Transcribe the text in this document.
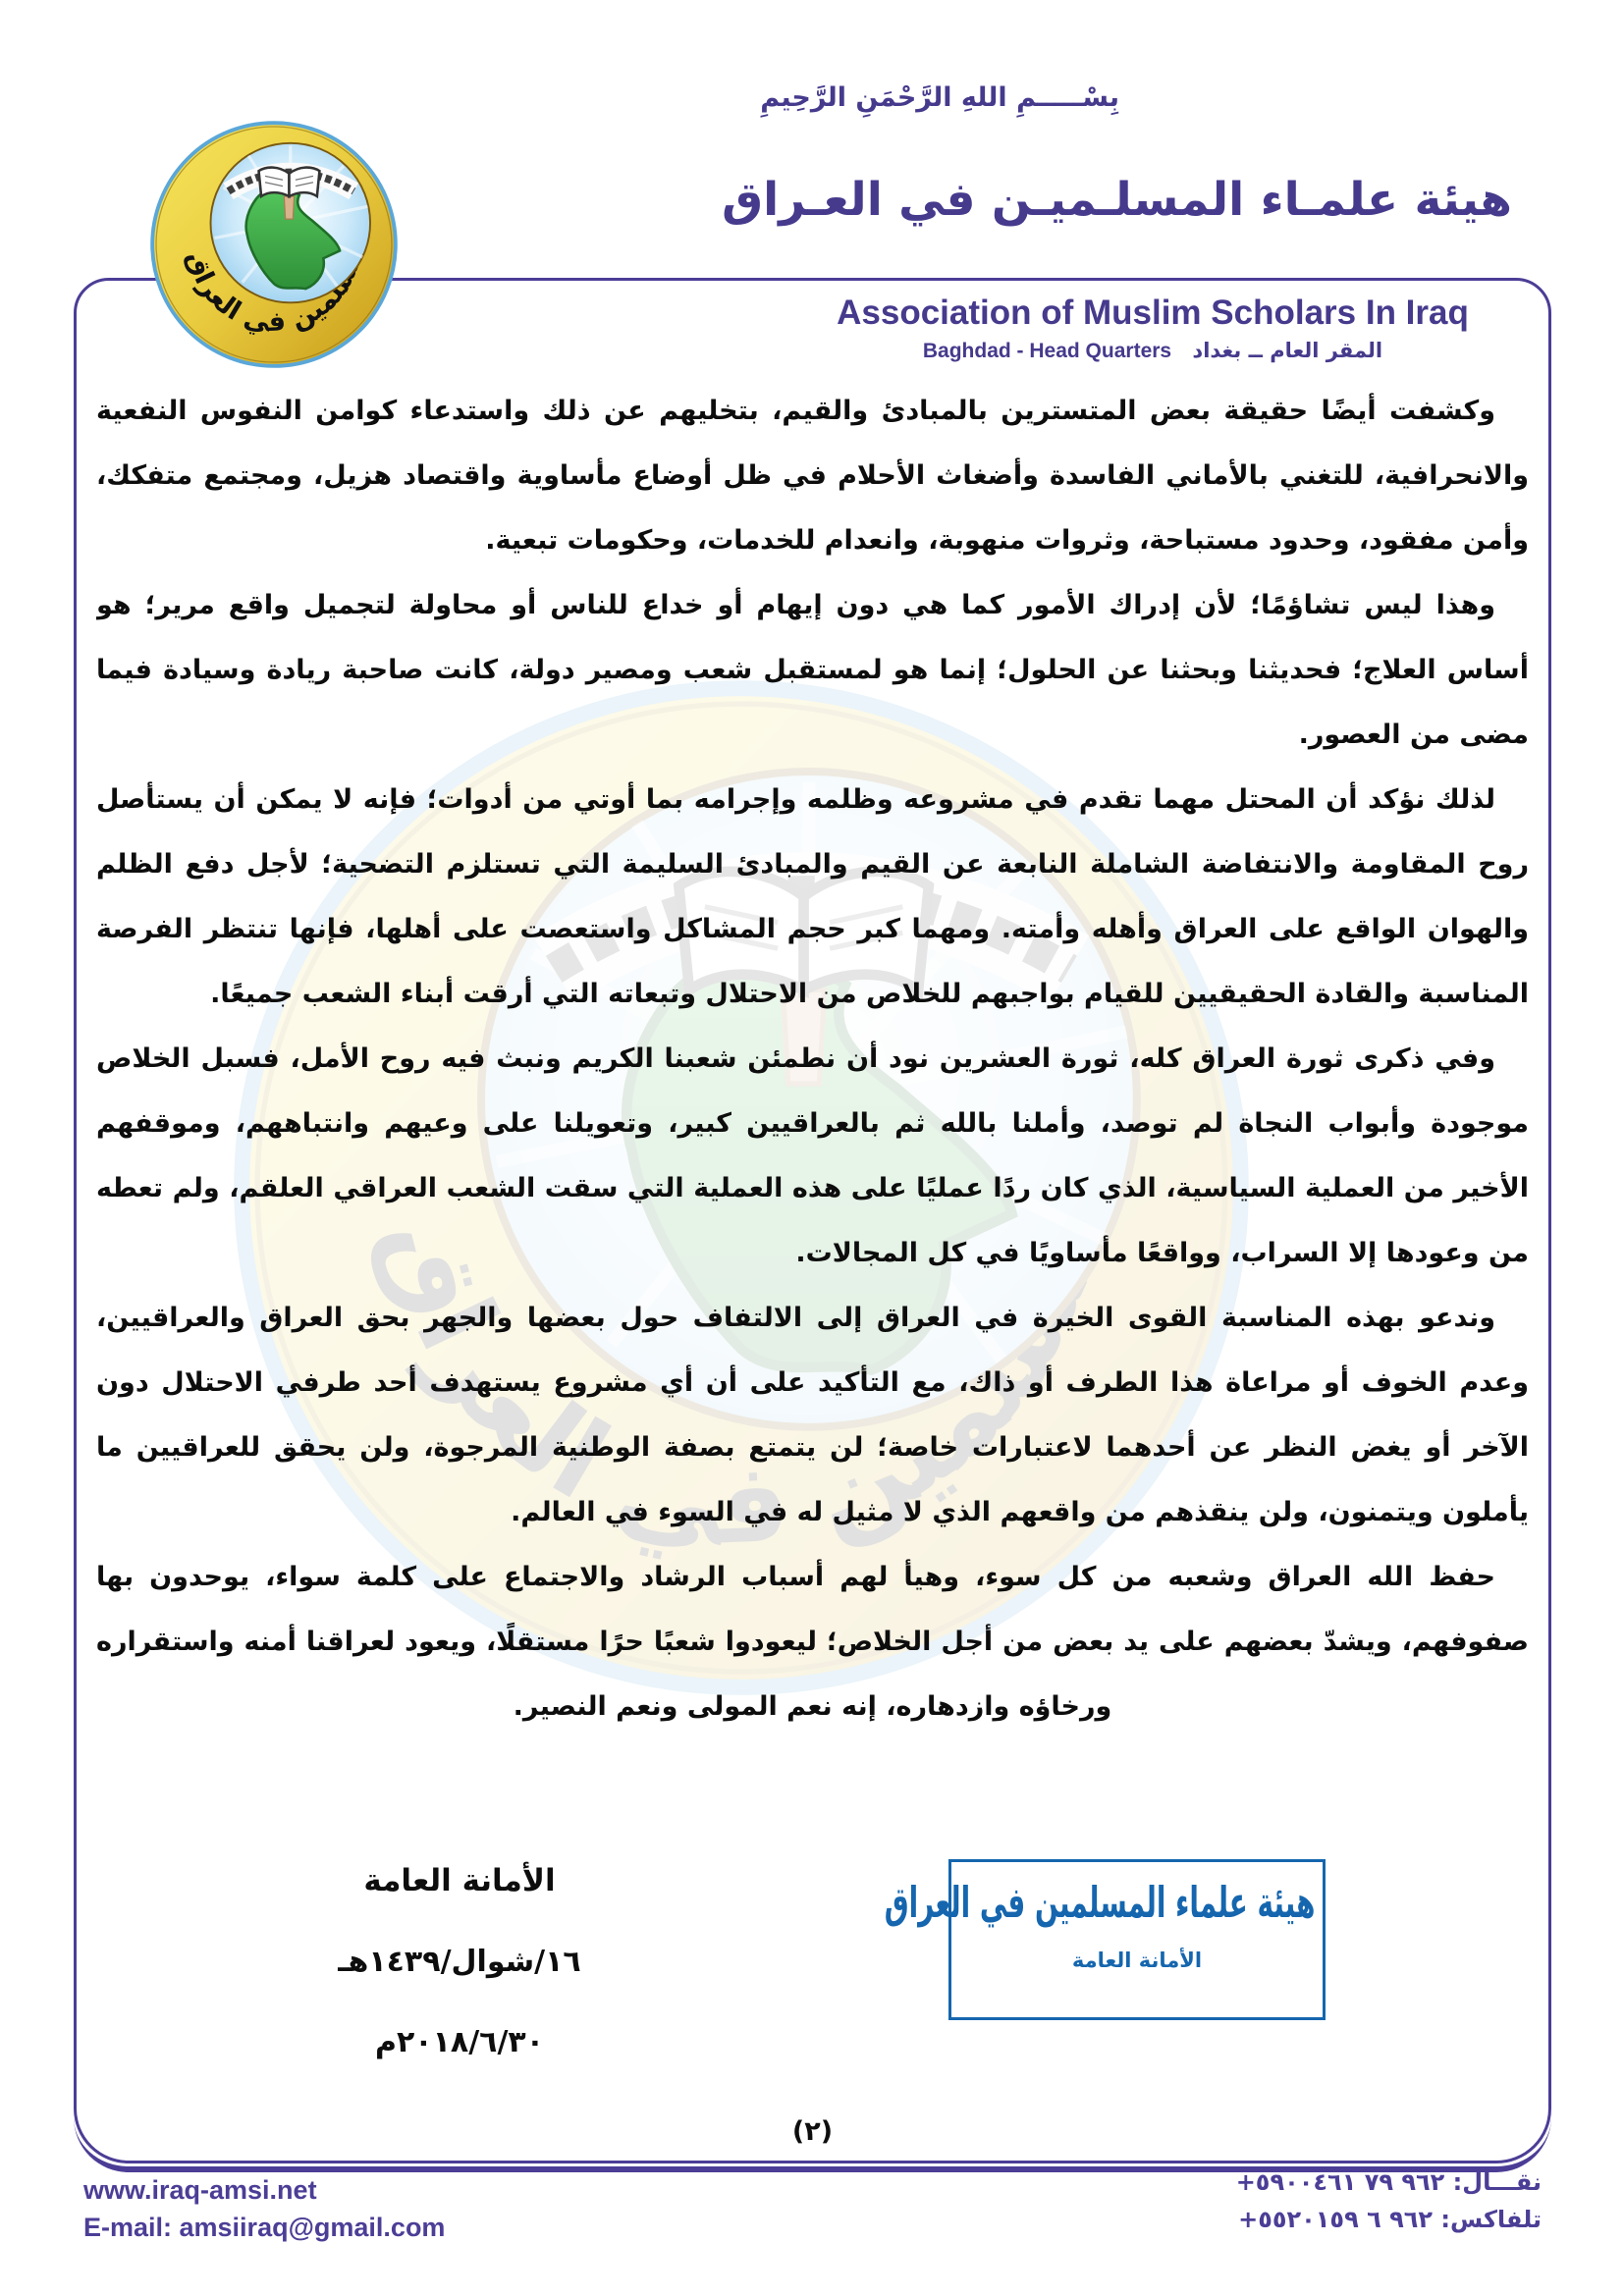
بِسْـــــمِ اللهِ الرَّحْمَنِ الرَّحِيمِ
هيئة علمـاء المسلـميـن في العـراق
Association of Muslim Scholars In Iraq
المقر العام ــ بغداد Baghdad - Head Quarters

وكشفت أيضًا حقيقة بعض المتسترين بالمبادئ والقيم، بتخليهم عن ذلك واستدعاء كوامن النفوس النفعية والانحرافية، للتغني بالأماني الفاسدة وأضغاث الأحلام في ظل أوضاع مأساوية واقتصاد هزيل، ومجتمع متفكك، وأمن مفقود، وحدود مستباحة، وثروات منهوبة، وانعدام للخدمات، وحكومات تبعية.

وهذا ليس تشاؤمًا؛ لأن إدراك الأمور كما هي دون إيهام أو خداع للناس أو محاولة لتجميل واقع مرير؛ هو أساس العلاج؛ فحديثنا وبحثنا عن الحلول؛ إنما هو لمستقبل شعب ومصير دولة، كانت صاحبة ريادة وسيادة فيما مضى من العصور.

لذلك نؤكد أن المحتل مهما تقدم في مشروعه وظلمه وإجرامه بما أوتي من أدوات؛ فإنه لا يمكن أن يستأصل روح المقاومة والانتفاضة الشاملة النابعة عن القيم والمبادئ السليمة التي تستلزم التضحية؛ لأجل دفع الظلم والهوان الواقع على العراق وأهله وأمته. ومهما كبر حجم المشاكل واستعصت على أهلها، فإنها تنتظر الفرصة المناسبة والقادة الحقيقيين للقيام بواجبهم للخلاص من الاحتلال وتبعاته التي أرقت أبناء الشعب جميعًا.

وفي ذكرى ثورة العراق كله، ثورة العشرين نود أن نطمئن شعبنا الكريم ونبث فيه روح الأمل، فسبل الخلاص موجودة وأبواب النجاة لم توصد، وأملنا بالله ثم بالعراقيين كبير، وتعويلنا على وعيهم وانتباههم، وموقفهم الأخير من العملية السياسية، الذي كان ردًا عمليًا على هذه العملية التي سقت الشعب العراقي العلقم، ولم تعطه من وعودها إلا السراب، وواقعًا مأساويًا في كل المجالات.

وندعو بهذه المناسبة القوى الخيرة في العراق إلى الالتفاف حول بعضها والجهر بحق العراق والعراقيين، وعدم الخوف أو مراعاة هذا الطرف أو ذاك، مع التأكيد على أن أي مشروع يستهدف أحد طرفي الاحتلال دون الآخر أو يغض النظر عن أحدهما لاعتبارات خاصة؛ لن يتمتع بصفة الوطنية المرجوة، ولن يحقق للعراقيين ما يأملون ويتمنون، ولن ينقذهم من واقعهم الذي لا مثيل له في السوء في العالم.

حفظ الله العراق وشعبه من كل سوء، وهيأ لهم أسباب الرشاد والاجتماع على كلمة سواء، يوحدون بها صفوفهم، ويشدّ بعضهم على يد بعض من أجل الخلاص؛ ليعودوا شعبًا حرًا مستقلًا، ويعود لعراقنا أمنه واستقراره ورخاؤه وازدهاره، إنه نعم المولى ونعم النصير.

الأمانة العامة
١٦/شوال/١٤٣٩هـ
٢٠١٨/٦/٣٠م
هيئة علماء المسلمين في العراق
الأمانة العامة
(٢)
www.iraq-amsi.net
E-mail: amsiiraq@gmail.com
نقـــال: +٩٦٢ ٧٩ ٥٩٠٠٤٦١
تلفاكس: +٩٦٢ ٦ ٥٥٢٠١٥٩
